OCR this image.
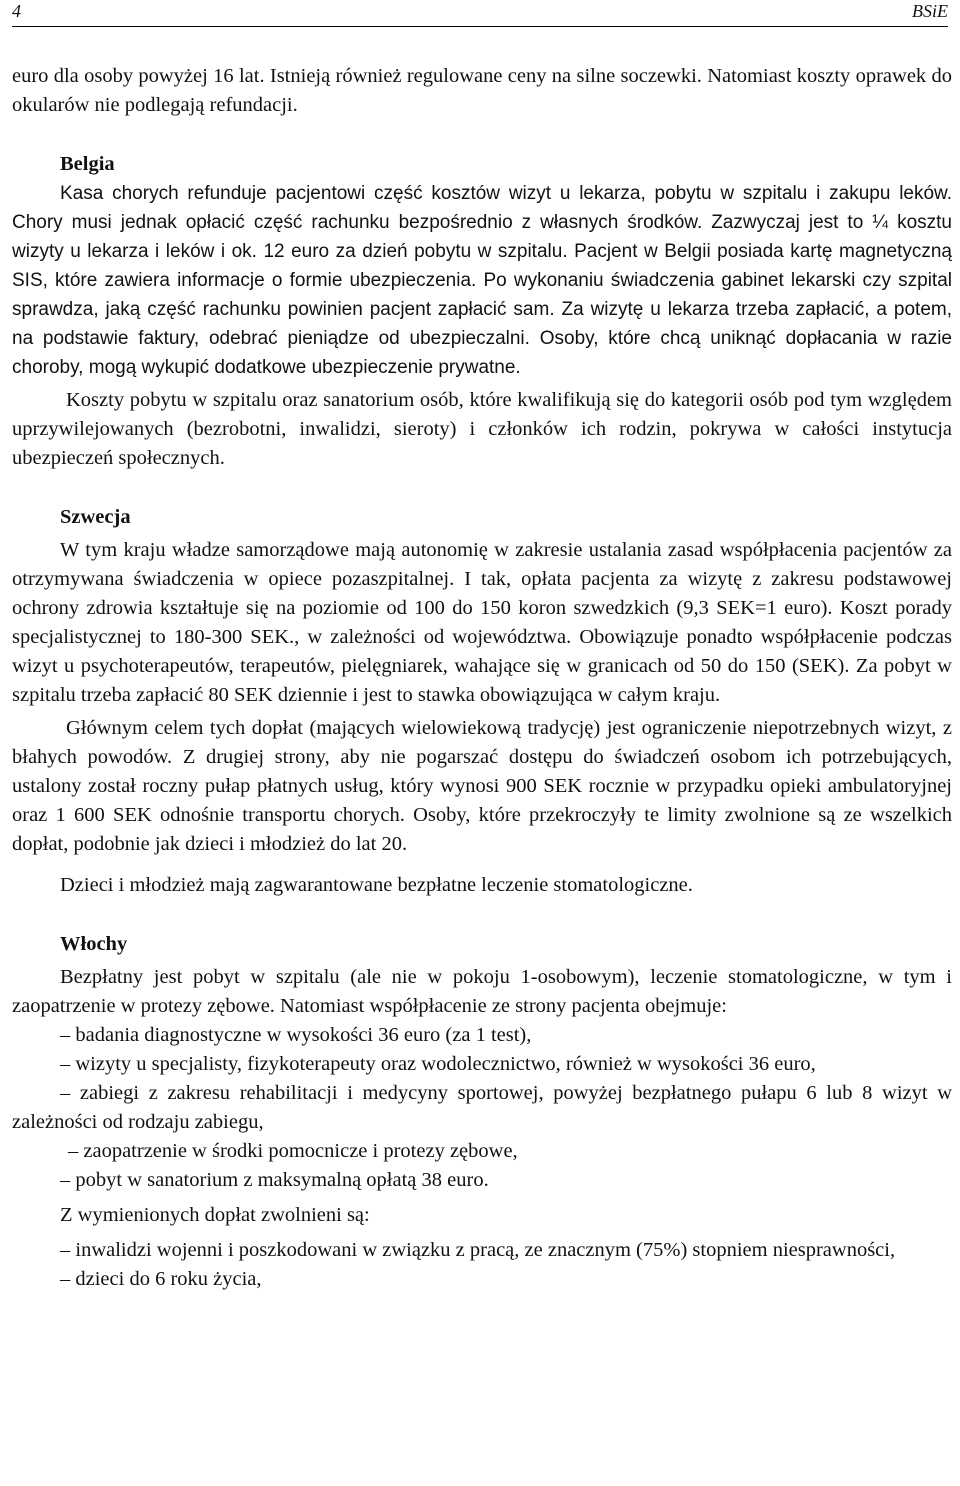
4	BSiE

euro dla osoby powyżej 16 lat. Istnieją również regulowane ceny na silne soczewki. Natomiast koszty oprawek do okularów nie podlegają refundacji.

Belgia

Kasa chorych refunduje pacjentowi część kosztów wizyt u lekarza, pobytu w szpitalu i zakupu leków. Chory musi jednak opłacić część rachunku bezpośrednio z własnych środków. Zazwyczaj jest to ¼ kosztu wizyty u lekarza i leków i ok. 12 euro za dzień pobytu w szpitalu. Pacjent w Belgii posiada kartę magnetyczną SIS, które zawiera informacje o formie ubezpieczenia. Po wykonaniu świadczenia gabinet lekarski czy szpital sprawdza, jaką część rachunku powinien pacjent zapłacić sam. Za wizytę u lekarza trzeba zapłacić, a potem, na podstawie faktury, odebrać pieniądze od ubezpieczalni. Osoby, które chcą uniknąć dopłacania w razie choroby, mogą wykupić dodatkowe ubezpieczenie prywatne.

Koszty pobytu w szpitalu oraz sanatorium osób, które kwalifikują się do kategorii osób pod tym względem uprzywilejowanych (bezrobotni, inwalidzi, sieroty) i członków ich rodzin, pokrywa w całości instytucja ubezpieczeń społecznych.

Szwecja

W tym kraju władze samorządowe mają autonomię w zakresie ustalania zasad współpłacenia pacjentów za otrzymywana świadczenia w opiece pozaszpitalnej. I tak, opłata pacjenta za wizytę z zakresu podstawowej ochrony zdrowia kształtuje się na poziomie od 100 do 150 koron szwedzkich (9,3 SEK=1 euro). Koszt porady specjalistycznej to 180-300 SEK., w zależności od województwa. Obowiązuje ponadto współpłacenie podczas wizyt u psychoterapeutów, terapeutów, pielęgniarek, wahające się w granicach od 50 do 150 (SEK). Za pobyt w szpitalu trzeba zapłacić 80 SEK dziennie i jest to stawka obowiązująca w całym kraju.

Głównym celem tych dopłat (mających wielowiekową tradycję) jest ograniczenie niepotrzebnych wizyt, z błahych powodów. Z drugiej strony, aby nie pogarszać dostępu do świadczeń osobom ich potrzebujących, ustalony został roczny pułap płatnych usług, który wynosi 900 SEK rocznie w przypadku opieki ambulatoryjnej oraz 1 600 SEK odnośnie transportu chorych. Osoby, które przekroczyły te limity zwolnione są ze wszelkich dopłat, podobnie jak dzieci i młodzież do lat 20.

Dzieci i młodzież mają zagwarantowane bezpłatne leczenie stomatologiczne.

Włochy

Bezpłatny jest pobyt w szpitalu (ale nie w pokoju 1-osobowym), leczenie stomatologiczne, w tym i zaopatrzenie w protezy zębowe. Natomiast współpłacenie ze strony pacjenta obejmuje:

– badania diagnostyczne w wysokości 36 euro (za 1 test),

– wizyty u specjalisty, fizykoterapeuty oraz wodolecznictwo, również w wysokości 36 euro,

– zabiegi z zakresu rehabilitacji i medycyny sportowej, powyżej bezpłatnego pułapu 6 lub 8 wizyt w zależności od rodzaju zabiegu,

– zaopatrzenie w środki pomocnicze i protezy zębowe,

– pobyt w sanatorium z maksymalną opłatą 38 euro.

Z wymienionych dopłat zwolnieni są:

– inwalidzi wojenni i poszkodowani w związku z pracą, ze znacznym (75%) stopniem niesprawności,

– dzieci do 6 roku życia,
